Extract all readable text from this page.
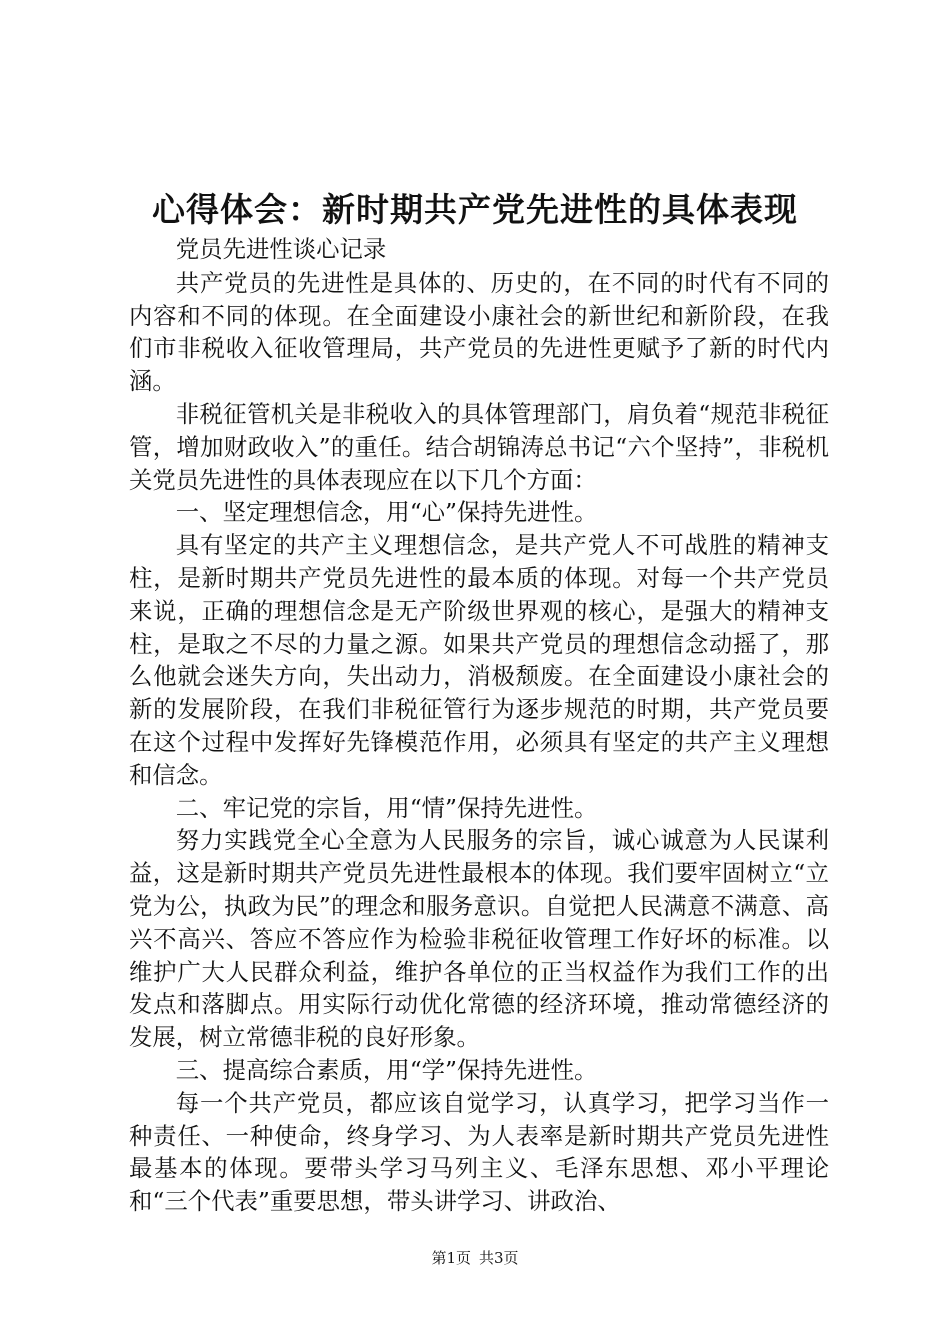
心得体会：新时期共产党先进性的具体表现

党员先进性谈心记录

共产党员的先进性是具体的、历史的，在不同的时代有不同的内容和不同的体现。在全面建设小康社会的新世纪和新阶段，在我们市非税收入征收管理局，共产党员的先进性更赋予了新的时代内涵。

非税征管机关是非税收入的具体管理部门，肩负着“规范非税征管，增加财政收入”的重任。结合胡锦涛总书记“六个坚持”，非税机关党员先进性的具体表现应在以下几个方面：

一、坚定理想信念，用“心”保持先进性。

具有坚定的共产主义理想信念，是共产党人不可战胜的精神支柱，是新时期共产党员先进性的最本质的体现。对每一个共产党员来说，正确的理想信念是无产阶级世界观的核心，是强大的精神支柱，是取之不尽的力量之源。如果共产党员的理想信念动摇了，那么他就会迷失方向，失出动力，消极颓废。在全面建设小康社会的新的发展阶段，在我们非税征管行为逐步规范的时期，共产党员要在这个过程中发挥好先锋模范作用，必须具有坚定的共产主义理想和信念。

二、牢记党的宗旨，用“情”保持先进性。

努力实践党全心全意为人民服务的宗旨，诚心诚意为人民谋利益，这是新时期共产党员先进性最根本的体现。我们要牢固树立“立党为公，执政为民”的理念和服务意识。自觉把人民满意不满意、高兴不高兴、答应不答应作为检验非税征收管理工作好坏的标准。以维护广大人民群众利益，维护各单位的正当权益作为我们工作的出发点和落脚点。用实际行动优化常德的经济环境，推动常德经济的发展，树立常德非税的良好形象。

三、提高综合素质，用“学”保持先进性。

每一个共产党员，都应该自觉学习，认真学习，把学习当作一种责任、一种使命，终身学习、为人表率是新时期共产党员先进性最基本的体现。要带头学习马列主义、毛泽东思想、邓小平理论和“三个代表”重要思想，带头讲学习、讲政治、

第1页 共3页
